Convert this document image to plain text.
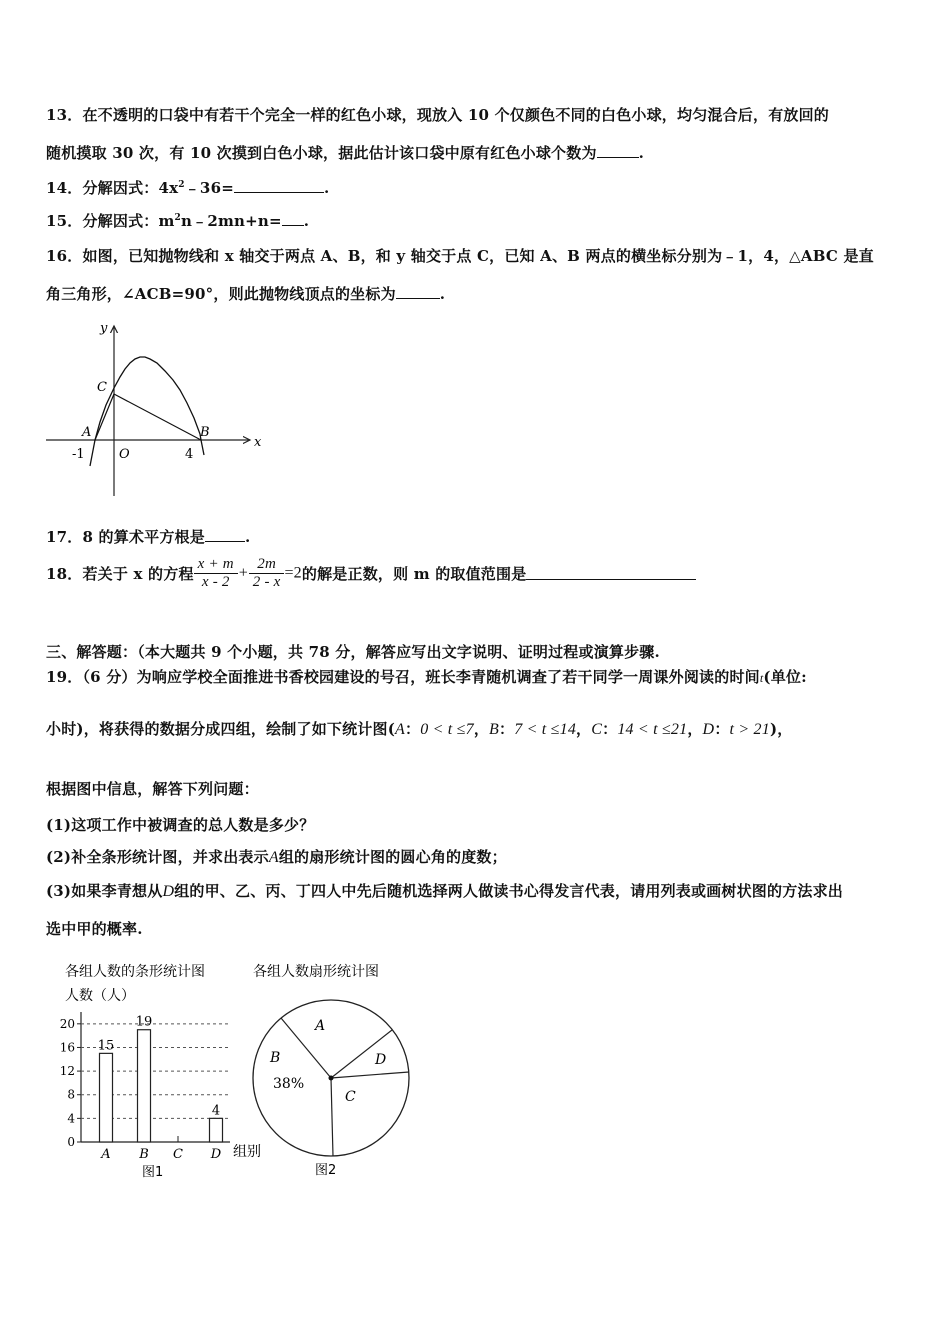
13．在不透明的口袋中有若干个完全一样的红色小球，现放入 10 个仅颜色不同的白色小球，均匀混合后，有放回的
随机摸取 30 次，有 10 次摸到白色小球，据此估计该口袋中原有红色小球个数为	.
14．分解因式：$4x^2﹣36=$	.
15．分解因式：$m^2n﹣2mn+n=$ .
16．如图，已知抛物线和 x 轴交于两点 A、B，和 y 轴交于点 C，已知 A、B 两点的横坐标分别为﹣1，4，△ABC 是直
角三角形，∠ACB=90°，则此抛物线顶点的坐标为	.
y
x
C
A	B
-1	O	4
17．8 的算术平方根是	.
18．若关于 x 的方程 $\frac{x + m}{x - 2} + \frac{2m}{2 - x} =2$的解是正数，则 m 的取值范围是
三、解答题：（本大题共 9 个小题，共 78 分，解答应写出文字说明、证明过程或演算步骤.
19．（6 分）为响应学校全面推进书香校园建设的号召，班长李青随机调查了若干同学一周课外阅读的时间t(单位:
小时)，将获得的数据分成四组，绘制了如下统计图(A：0 < t ≤7，B：7 < t ≤14，C：14 < t ≤21，D：t > 21)，
根据图中信息，解答下列问题：
(1)这项工作中被调查的总人数是多少？
(2)补全条形统计图，并求出表示A组的扇形统计图的圆心角的度数；
(3)如果李青想从D组的甲、乙、丙、丁四人中先后随机选择两人做读书心得发言代表，请用列表或画树状图的方法求出
选中甲的概率.
各组人数的条形统计图
人数（人）
组别
图1
0
4
8
12
16
20
15
A
19
B C
4
D
各组人数扇形统计图
A
B
38%
C
D
图2
